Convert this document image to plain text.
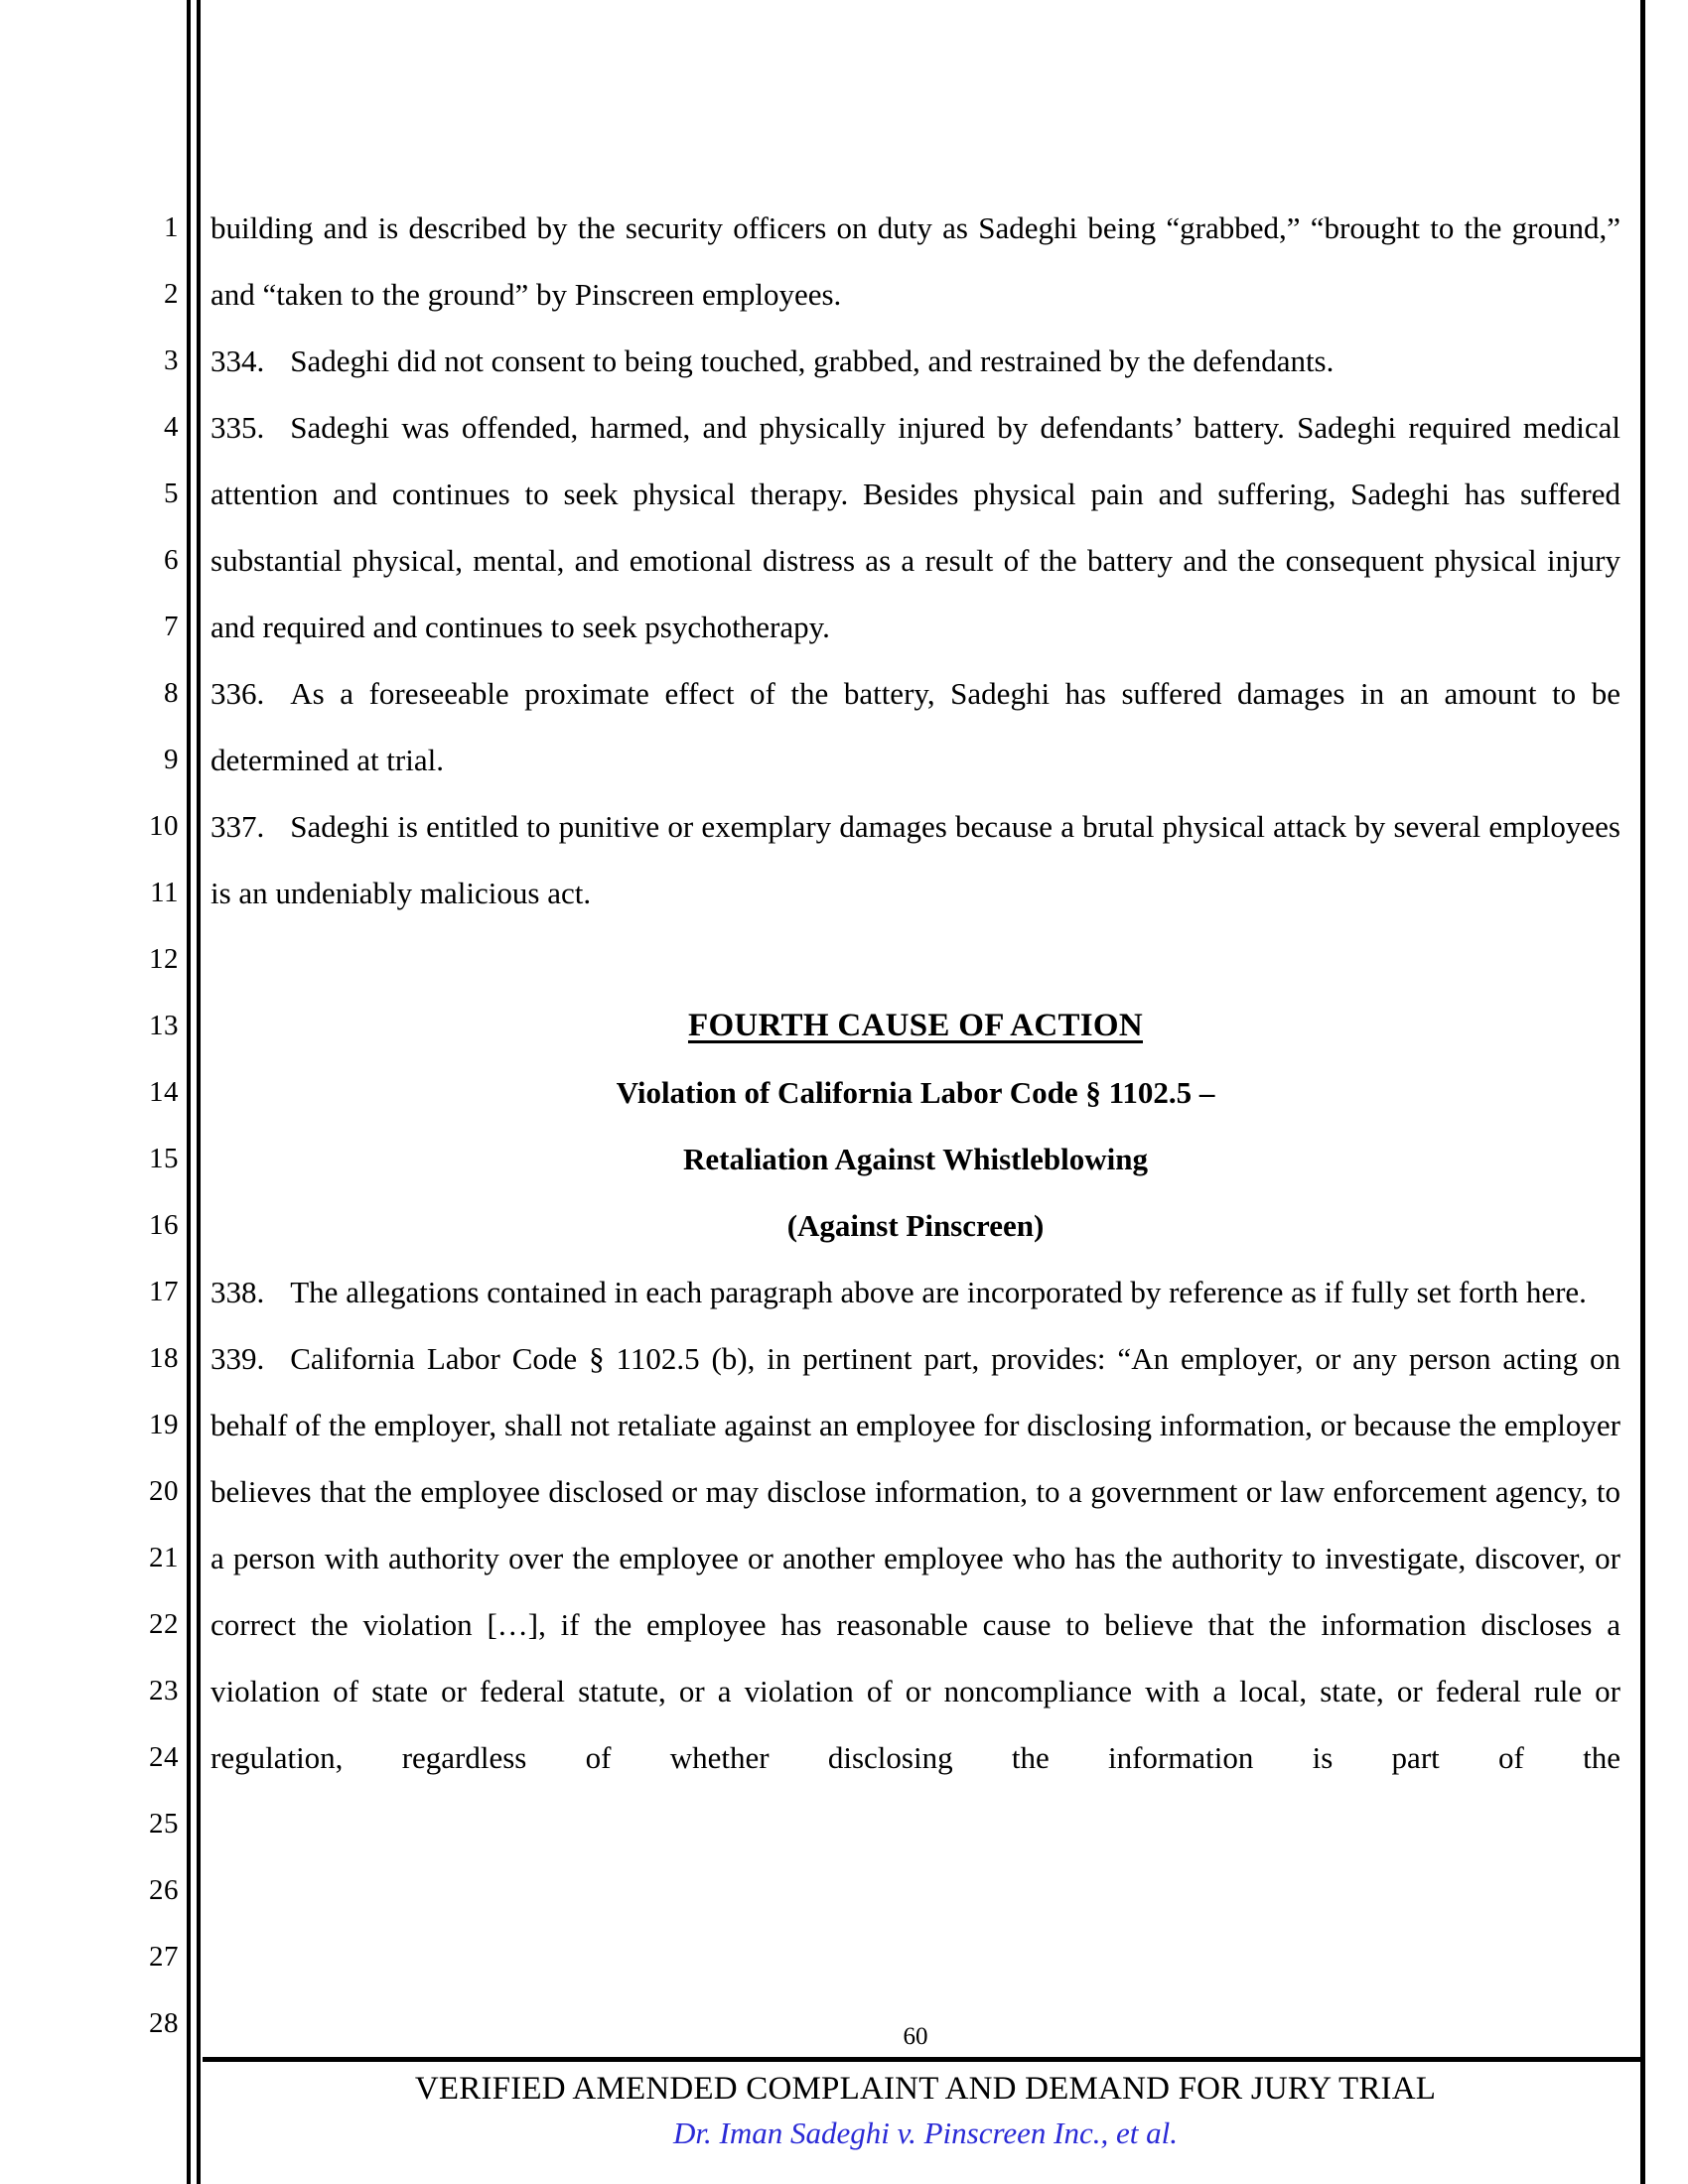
1
2
3
4
5
6
7
8
9
10
11
12
13
14
15
16
17
18
19
20
21
22
23
24
25
26
27
28

building and is described by the security officers on duty as Sadeghi being “grabbed,” “brought to the ground,” and “taken to the ground” by Pinscreen employees.

334. Sadeghi did not consent to being touched, grabbed, and restrained by the defendants.

335. Sadeghi was offended, harmed, and physically injured by defendants’ battery. Sadeghi required medical attention and continues to seek physical therapy. Besides physical pain and suffering, Sadeghi has suffered substantial physical, mental, and emotional distress as a result of the battery and the consequent physical injury and required and continues to seek psychotherapy.

336. As a foreseeable proximate effect of the battery, Sadeghi has suffered damages in an amount to be determined at trial.

337. Sadeghi is entitled to punitive or exemplary damages because a brutal physical attack by several employees is an undeniably malicious act.

FOURTH CAUSE OF ACTION
Violation of California Labor Code § 1102.5 –
Retaliation Against Whistleblowing
(Against Pinscreen)

338. The allegations contained in each paragraph above are incorporated by reference as if fully set forth here.

339. California Labor Code § 1102.5 (b), in pertinent part, provides: “An employer, or any person acting on behalf of the employer, shall not retaliate against an employee for disclosing information, or because the employer believes that the employee disclosed or may disclose information, to a government or law enforcement agency, to a person with authority over the employee or another employee who has the authority to investigate, discover, or correct the violation […], if the employee has reasonable cause to believe that the information discloses a violation of state or federal statute, or a violation of or noncompliance with a local, state, or federal rule or regulation, regardless of whether disclosing the information is part of the

60
VERIFIED AMENDED COMPLAINT AND DEMAND FOR JURY TRIAL
Dr. Iman Sadeghi v. Pinscreen Inc., et al.
